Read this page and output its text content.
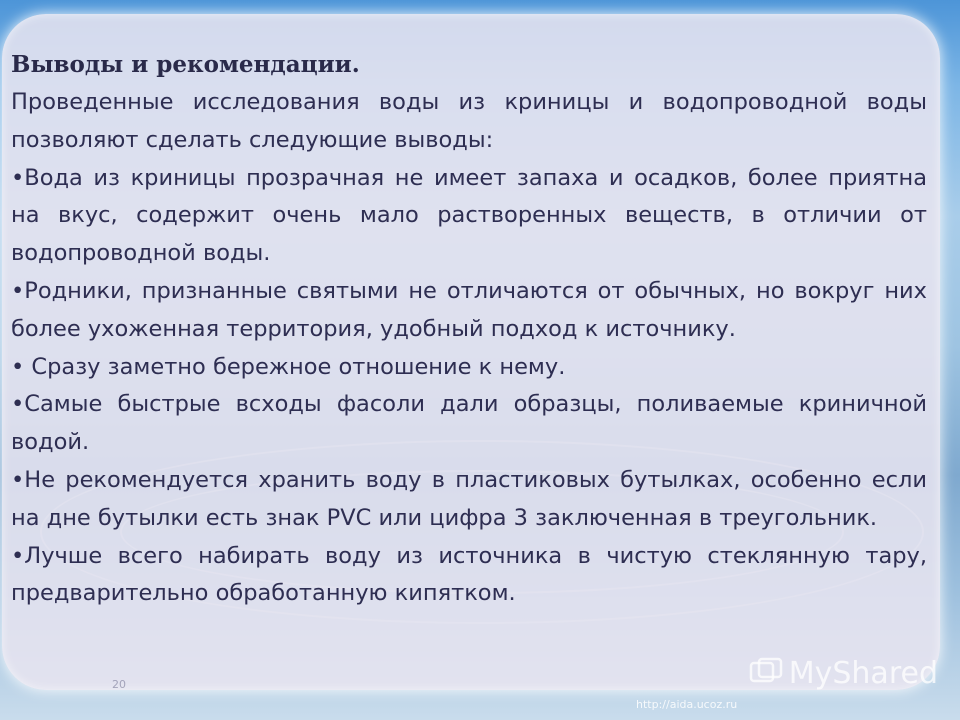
Выводы и рекомендации.

Проведенные исследования воды из криницы и водопроводной воды позволяют сделать следующие выводы:

•Вода из криницы прозрачная не имеет запаха и осадков, более приятна на вкус, содержит очень мало растворенных веществ, в отличии от водопроводной воды.

•Родники, признанные святыми не отличаются от обычных, но вокруг них более ухоженная территория, удобный подход к источнику.

• Сразу заметно бережное отношение к нему.

•Самые быстрые всходы фасоли дали образцы, поливаемые криничной водой.

•Не рекомендуется хранить воду в пластиковых бутылках, особенно если на дне бутылки есть знак PVC или цифра 3 заключенная в треугольник.

•Лучше всего набирать воду из источника в чистую стеклянную тару, предварительно обработанную кипятком.

20	MyShared
http://aida.ucoz.ru
